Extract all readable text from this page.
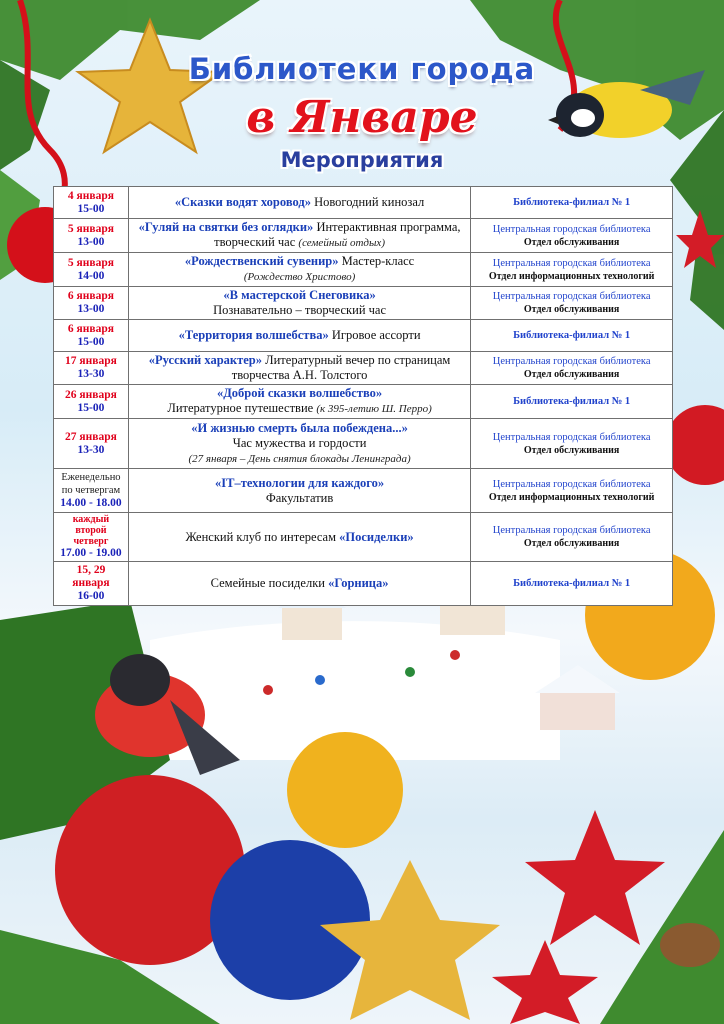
Библиотеки города
в Январе
Мероприятия
4 января
15-00	«Сказки водят хоровод» Новогодний кинозал	Библиотека-филиал № 1

5 января
13-00	«Гуляй на святки без оглядки» Интерактивная программа, творческий час (семейный отдых)	Центральная городская библиотека
Отдел обслуживания

5 января
14-00	«Рождественский сувенир» Мастер-класс
(Рождество Христово)	Центральная городская библиотека
Отдел информационных технологий

6 января
13-00	«В мастерской Снеговика»
Познавательно – творческий час	Центральная городская библиотека
Отдел обслуживания

6 января
15-00	«Территория волшебства» Игровое ассорти	Библиотека-филиал № 1

17 января
13-30	«Русский характер» Литературный вечер по страницам творчества А.Н. Толстого	Центральная городская библиотека
Отдел обслуживания

26 января
15-00	«Доброй сказки волшебство»
Литературное путешествие (к 395-летию Ш. Перро)	Библиотека-филиал № 1

27 января
13-30	«И жизнью смерть была побеждена...»
Час мужества и гордости
(27 января – День снятия блокады Ленинграда)	Центральная городская библиотека
Отдел обслуживания

Еженедельно
по четвергам
14.00 - 18.00	«IT–технологии для каждого»
Факультатив	Центральная городская библиотека
Отдел информационных технологий

каждый
второй четверг
17.00 - 19.00	Женский клуб по интересам «Посиделки»	Центральная городская библиотека
Отдел обслуживания

15, 29
января
16-00	Семейные посиделки «Горница»	Библиотека-филиал № 1
